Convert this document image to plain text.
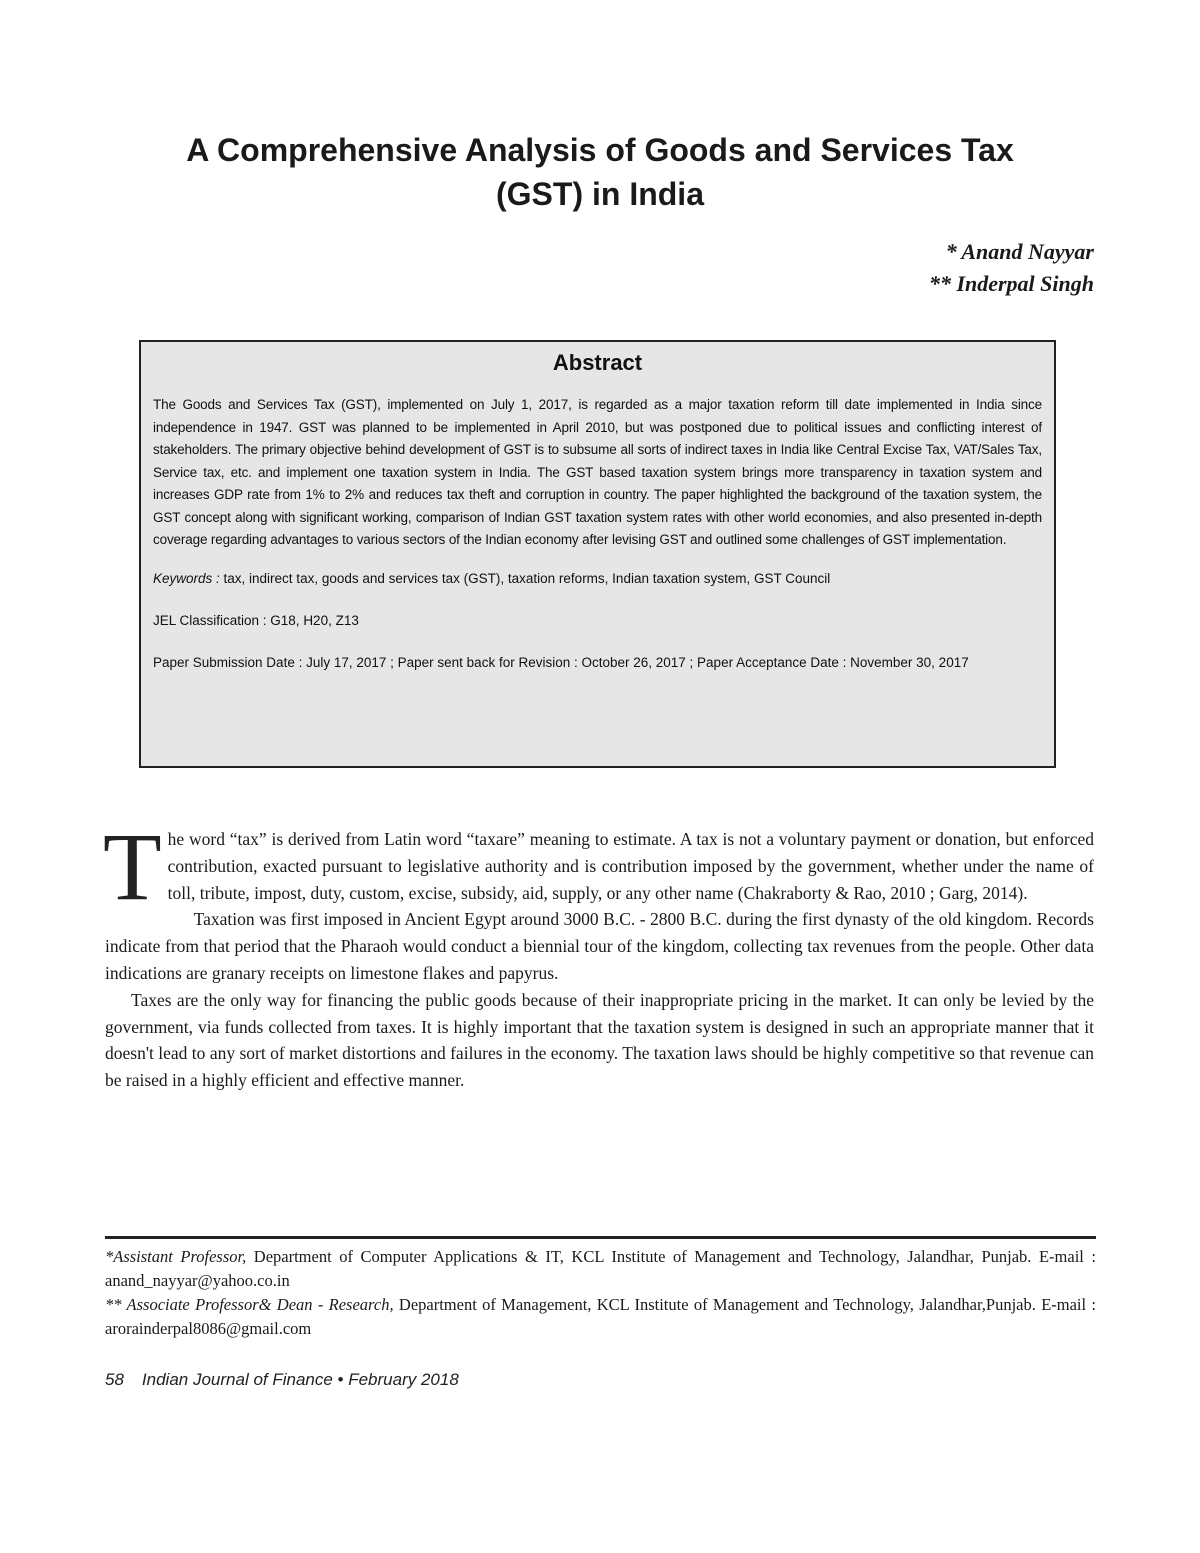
A Comprehensive Analysis of Goods and Services Tax
(GST) in India
* Anand Nayyar
** Inderpal Singh
Abstract

The Goods and Services Tax (GST), implemented on July 1, 2017, is regarded as a major taxation reform till date implemented in India since independence in 1947. GST was planned to be implemented in April 2010, but was postponed due to political issues and conflicting interest of stakeholders. The primary objective behind development of GST is to subsume all sorts of indirect taxes in India like Central Excise Tax, VAT/Sales Tax, Service tax, etc. and implement one taxation system in India. The GST based taxation system brings more transparency in taxation system and increases GDP rate from 1% to 2% and reduces tax theft and corruption in country. The paper highlighted the background of the taxation system, the GST concept along with significant working, comparison of Indian GST taxation system rates with other world economies, and also presented in-depth coverage regarding advantages to various sectors of the Indian economy after levising GST and outlined some challenges of GST implementation.

Keywords : tax, indirect tax, goods and services tax (GST), taxation reforms, Indian taxation system, GST Council

JEL Classification : G18, H20, Z13

Paper Submission Date : July 17, 2017 ; Paper sent back for Revision : October 26, 2017 ; Paper Acceptance Date : November 30, 2017

The word “tax” is derived from Latin word “taxare” meaning to estimate. A tax is not a voluntary payment or donation, but enforced contribution, exacted pursuant to legislative authority and is contribution imposed by the government, whether under the name of toll, tribute, impost, duty, custom, excise, subsidy, aid, supply, or any other name (Chakraborty & Rao, 2010 ; Garg, 2014).

Taxation was first imposed in Ancient Egypt around 3000 B.C. - 2800 B.C. during the first dynasty of the old kingdom. Records indicate from that period that the Pharaoh would conduct a biennial tour of the kingdom, collecting tax revenues from the people. Other data indications are granary receipts on limestone flakes and papyrus.

Taxes are the only way for financing the public goods because of their inappropriate pricing in the market. It can only be levied by the government, via funds collected from taxes. It is highly important that the taxation system is designed in such an appropriate manner that it doesn't lead to any sort of market distortions and failures in the economy. The taxation laws should be highly competitive so that revenue can be raised in a highly efficient and effective manner.

*Assistant Professor, Department of Computer Applications & IT, KCL Institute of Management and Technology, Jalandhar, Punjab. E-mail : anand_nayyar@yahoo.co.in

** Associate Professor& Dean - Research, Department of Management, KCL Institute of Management and Technology, Jalandhar,Punjab. E-mail : arorainderpal8086@gmail.com

58 Indian Journal of Finance • February 2018
